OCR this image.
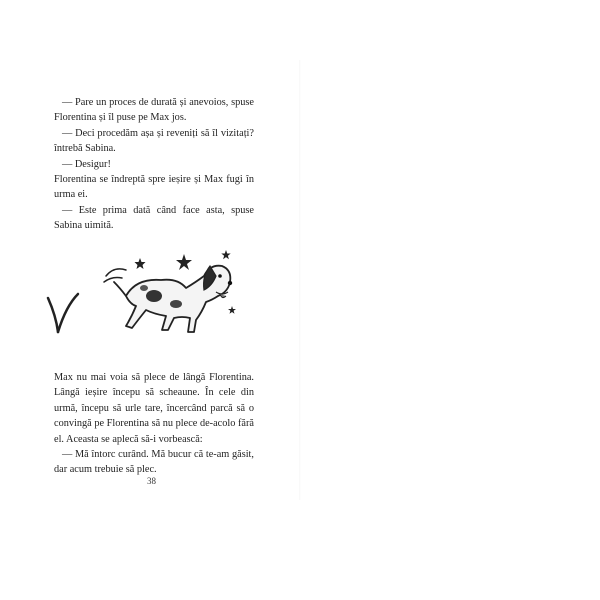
— Pare un proces de durată și anevoios, spuse Florentina și îl puse pe Max jos.

— Deci procedăm așa și reveniți să îl vizitați? întrebă Sabina.

— Desigur!

Florentina se îndreptă spre ieșire și Max fugi în urma ei.

— Este prima dată când face asta, spuse Sabina uimită.

Max nu mai voia să plece de lângă Florentina. Lângă ieșire începu să scheaune. În cele din urmă, începu să urle tare, încercând parcă să o convingă pe Florentina să nu plece de-acolo fără el. Aceasta se aplecă să-i vorbească:

— Mă întorc curând. Mă bucur că te-am găsit, dar acum trebuie să plec.

38
